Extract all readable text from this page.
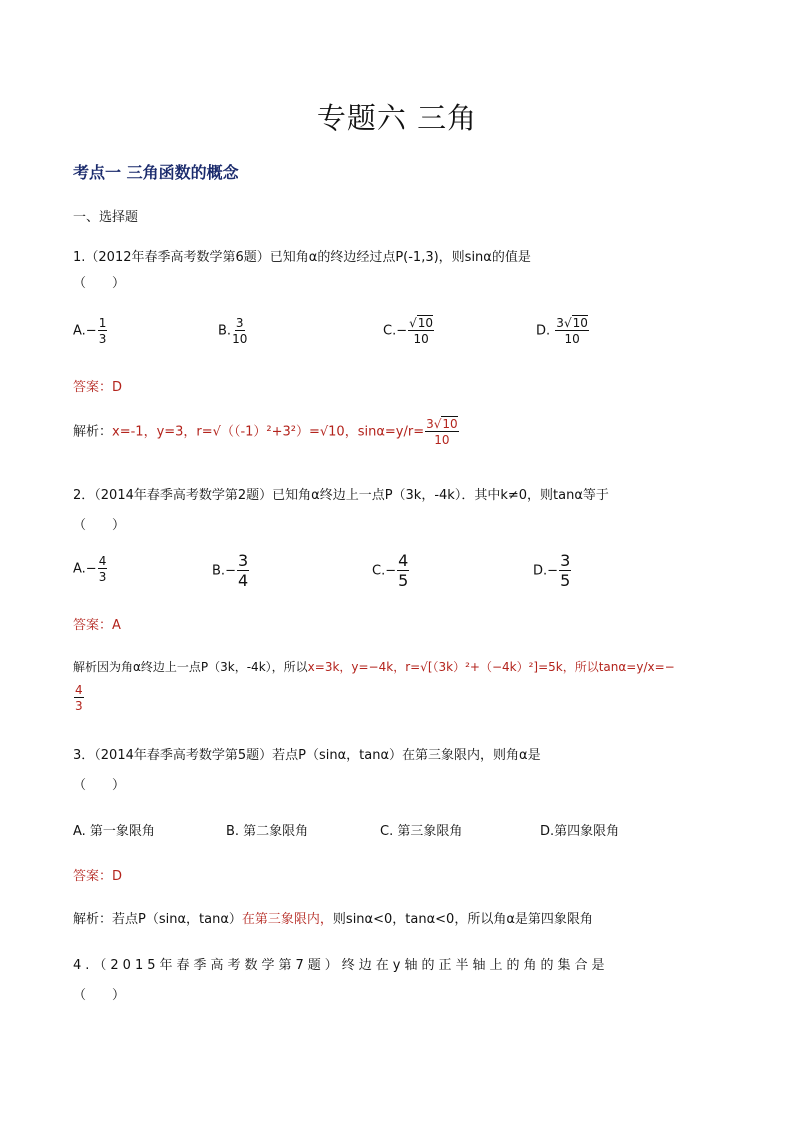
专题六 三角
考点一 三角函数的概念
一、选择题
1.（2012年春季高考数学第6题）已知角α的终边经过点P(-1,3)，则sinα的值是
（　　）
$A.- \frac{1}{3}$	B. $\frac{3}{10}$	$C.- \frac{√10}{10}$	D. $\frac{3√10}{10}$
答案：D
解析：x=-1，y=3，r=√（（-1）²+3²）=√10，$\sin\alpha=y/r= \frac{3√10}{10}$
2．（2014年春季高考数学第2题）已知角α终边上一点P（3k，-4k）．其中k≠0，则tanα等于
（　　）
$A.- \frac{4}{3}$	$B.- \frac{3}{4}$	$C.- \frac{4}{5}$	$D.- \frac{3}{5}$
答案：A
解析因为角α终边上一点P（3k，-4k），所以x=3k，y=−4k，r=√[（3k）²+（−4k）²]=5k，所以tanα=y/x=−
$\frac{4}{3}$
3．（2014年春季高考数学第5题）若点P（sinα，tanα）在第三象限内，则角α是
（　　）
A. 第一象限角	B. 第二象限角	C. 第三象限角	D.第四象限角
答案：D
解析：若点P（sinα，tanα）在第三象限内，则sinα<0，tanα<0，所以角α是第四象限角
4.（2015年春季高考数学第7题）终边在y轴的正半轴上的角的集合是
（　　）
